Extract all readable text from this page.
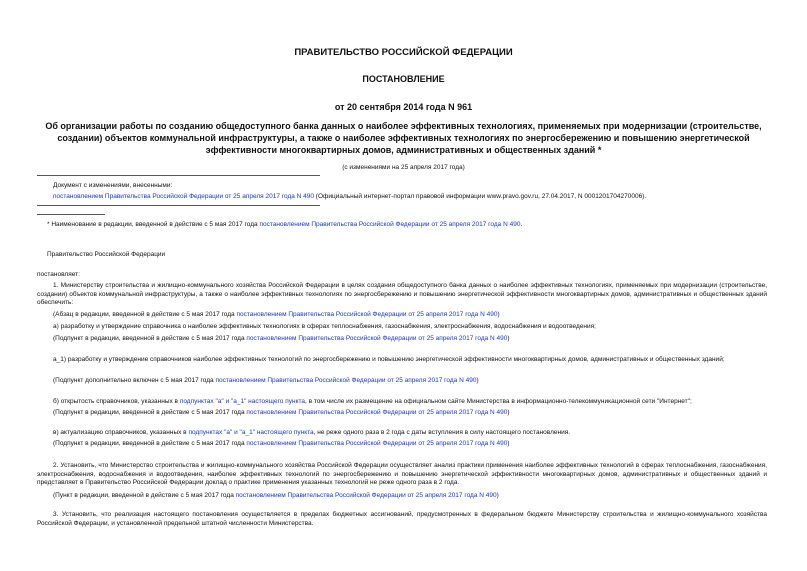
ПРАВИТЕЛЬСТВО РОССИЙСКОЙ ФЕДЕРАЦИИ
ПОСТАНОВЛЕНИЕ
от 20 сентября 2014 года N 961
Об организации работы по созданию общедоступного банка данных о наиболее эффективных технологиях, применяемых при модернизации (строительстве, создании) объектов коммунальной инфраструктуры, а также о наиболее эффективных технологиях по энергосбережению и повышению энергетической эффективности многоквартирных домов, административных и общественных зданий *
(с изменениями на 25 апреля 2017 года)
Документ с изменениями, внесенными:
постановлением Правительства Российской Федерации от 25 апреля 2017 года N 490 (Официальный интернет-портал правовой информации www.pravo.gov.ru, 27.04.2017, N 0001201704270006).
* Наименование в редакции, введенной в действие с 5 мая 2017 года постановлением Правительства Российской Федерации от 25 апреля 2017 года N 490.
Правительство Российской Федерации
постановляет:
1. Министерству строительства и жилищно-коммунального хозяйства Российской Федерации в целях создания общедоступного банка данных о наиболее эффективных технологиях, применяемых при модернизации (строительстве, создании) объектов коммунальной инфраструктуры, а также о наиболее эффективных технологиях по энергосбережению и повышению энергетической эффективности многоквартирных домов, административных и общественных зданий обеспечить:
(Абзац в редакции, введенной в действие с 5 мая 2017 года постановлением Правительства Российской Федерации от 25 апреля 2017 года N 490)
а) разработку и утверждение справочника о наиболее эффективных технологиях в сферах теплоснабжения, газоснабжения, электроснабжения, водоснабжения и водоотведения;
(Подпункт в редакции, введенной в действие с 5 мая 2017 года постановлением Правительства Российской Федерации от 25 апреля 2017 года N 490)
а_1) разработку и утверждение справочников наиболее эффективных технологий по энергосбережению и повышению энергетической эффективности многоквартирных домов, административных и общественных зданий;
(Подпункт дополнительно включен с 5 мая 2017 года постановлением Правительства Российской Федерации от 25 апреля 2017 года N 490)
б) открытость справочников, указанных в подпунктах "а" и "а_1" настоящего пункта, в том числе их размещение на официальном сайте Министерства в информационно-телекоммуникационной сети "Интернет";
(Подпункт в редакции, введенной в действие с 5 мая 2017 года постановлением Правительства Российской Федерации от 25 апреля 2017 года N 490)
в) актуализацию справочников, указанных в подпунктах "а" и "а_1" настоящего пункта, не реже одного раза в 2 года с даты вступления в силу настоящего постановления.
(Подпункт в редакции, введенной в действие с 5 мая 2017 года постановлением Правительства Российской Федерации от 25 апреля 2017 года N 490)
2. Установить, что Министерство строительства и жилищно-коммунального хозяйства Российской Федерации осуществляет анализ практики применения наиболее эффективных технологий в сферах теплоснабжения, газоснабжения, электроснабжения, водоснабжения и водоотведения, наиболее эффективных технологий по энергосбережению и повышению энергетической эффективности многоквартирных домов, административных и общественных зданий и представляет в Правительство Российской Федерации доклад о практике применения указанных технологий не реже одного раза в 2 года.
(Пункт в редакции, введенной в действие с 5 мая 2017 года постановлением Правительства Российской Федерации от 25 апреля 2017 года N 490)
3. Установить, что реализация настоящего постановления осуществляется в пределах бюджетных ассигнований, предусмотренных в федеральном бюджете Министерству строительства и жилищно-коммунального хозяйства Российской Федерации, и установленной предельной штатной численности Министерства.
